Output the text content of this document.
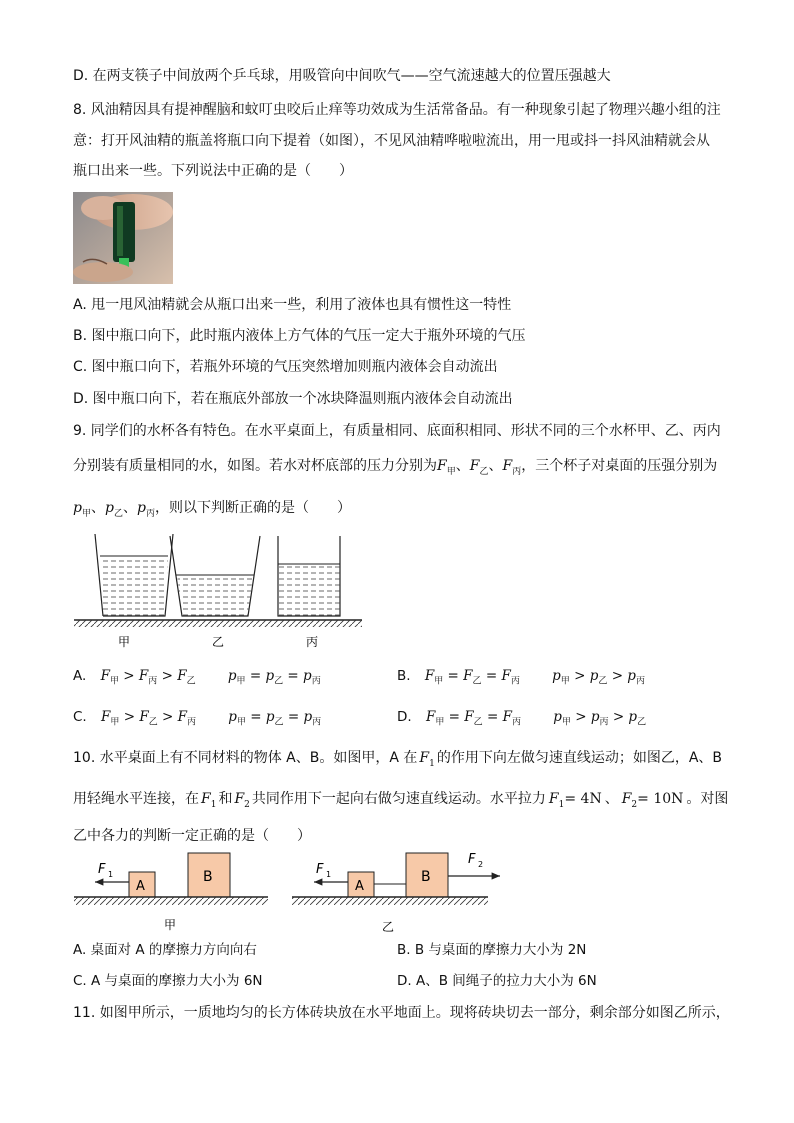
D. 在两支筷子中间放两个乒乓球，用吸管向中间吹气——空气流速越大的位置压强越大
8. 风油精因具有提神醒脑和蚊叮虫咬后止痒等功效成为生活常备品。有一种现象引起了物理兴趣小组的注
意：打开风油精的瓶盖将瓶口向下提着（如图），不见风油精哗啦啦流出，用一甩或抖一抖风油精就会从
瓶口出来一些。下列说法中正确的是（　　）
A. 甩一甩风油精就会从瓶口出来一些，利用了液体也具有惯性这一特性
B. 图中瓶口向下，此时瓶内液体上方气体的气压一定大于瓶外环境的气压
C. 图中瓶口向下，若瓶外环境的气压突然增加则瓶内液体会自动流出
D. 图中瓶口向下，若在瓶底外部放一个冰块降温则瓶内液体会自动流出
9. 同学们的水杯各有特色。在水平桌面上，有质量相同、底面积相同、形状不同的三个水杯甲、乙、丙内
分别装有质量相同的水，如图。若水对杯底部的压力分别为$F_甲$、$F_乙$、$F_丙$，三个杯子对桌面的压强分别为
$p_甲$、$p_乙$、$p_丙$，则以下判断正确的是（　　）
甲	乙	丙
A. $F_甲 > F_丙 > F_乙$ $p_甲 = p_乙 = p_丙$	B. $F_甲 = F_乙 = F_丙$ $p_甲 > p_乙 > p_丙$
C. $F_甲 > F_乙 > F_丙$ $p_甲 = p_乙 = p_丙$	D. $F_甲 = F_乙 = F_丙$ $p_甲 > p_丙 > p_乙$
10. 水平桌面上有不同材料的物体 A、B。如图甲，A 在 $F_1$ 的作用下向左做匀速直线运动；如图乙，A、B
用轻绳水平连接，在 $F_1$ 和 $F_2$ 共同作用下一起向右做匀速直线运动。水平拉力 $F_1= 4N$ 、 $F_2= 10N$ 。对图
乙中各力的判断一定正确的是（　　）
A
B
F 1
甲
A
B
F 1
F 2
乙
A. 桌面对 A 的摩擦力方向向右	B. B 与桌面的摩擦力大小为 2N
C. A 与桌面的摩擦力大小为 6N	D. A、B 间绳子的拉力大小为 6N
11. 如图甲所示，一质地均匀的长方体砖块放在水平地面上。现将砖块切去一部分，剩余部分如图乙所示，
